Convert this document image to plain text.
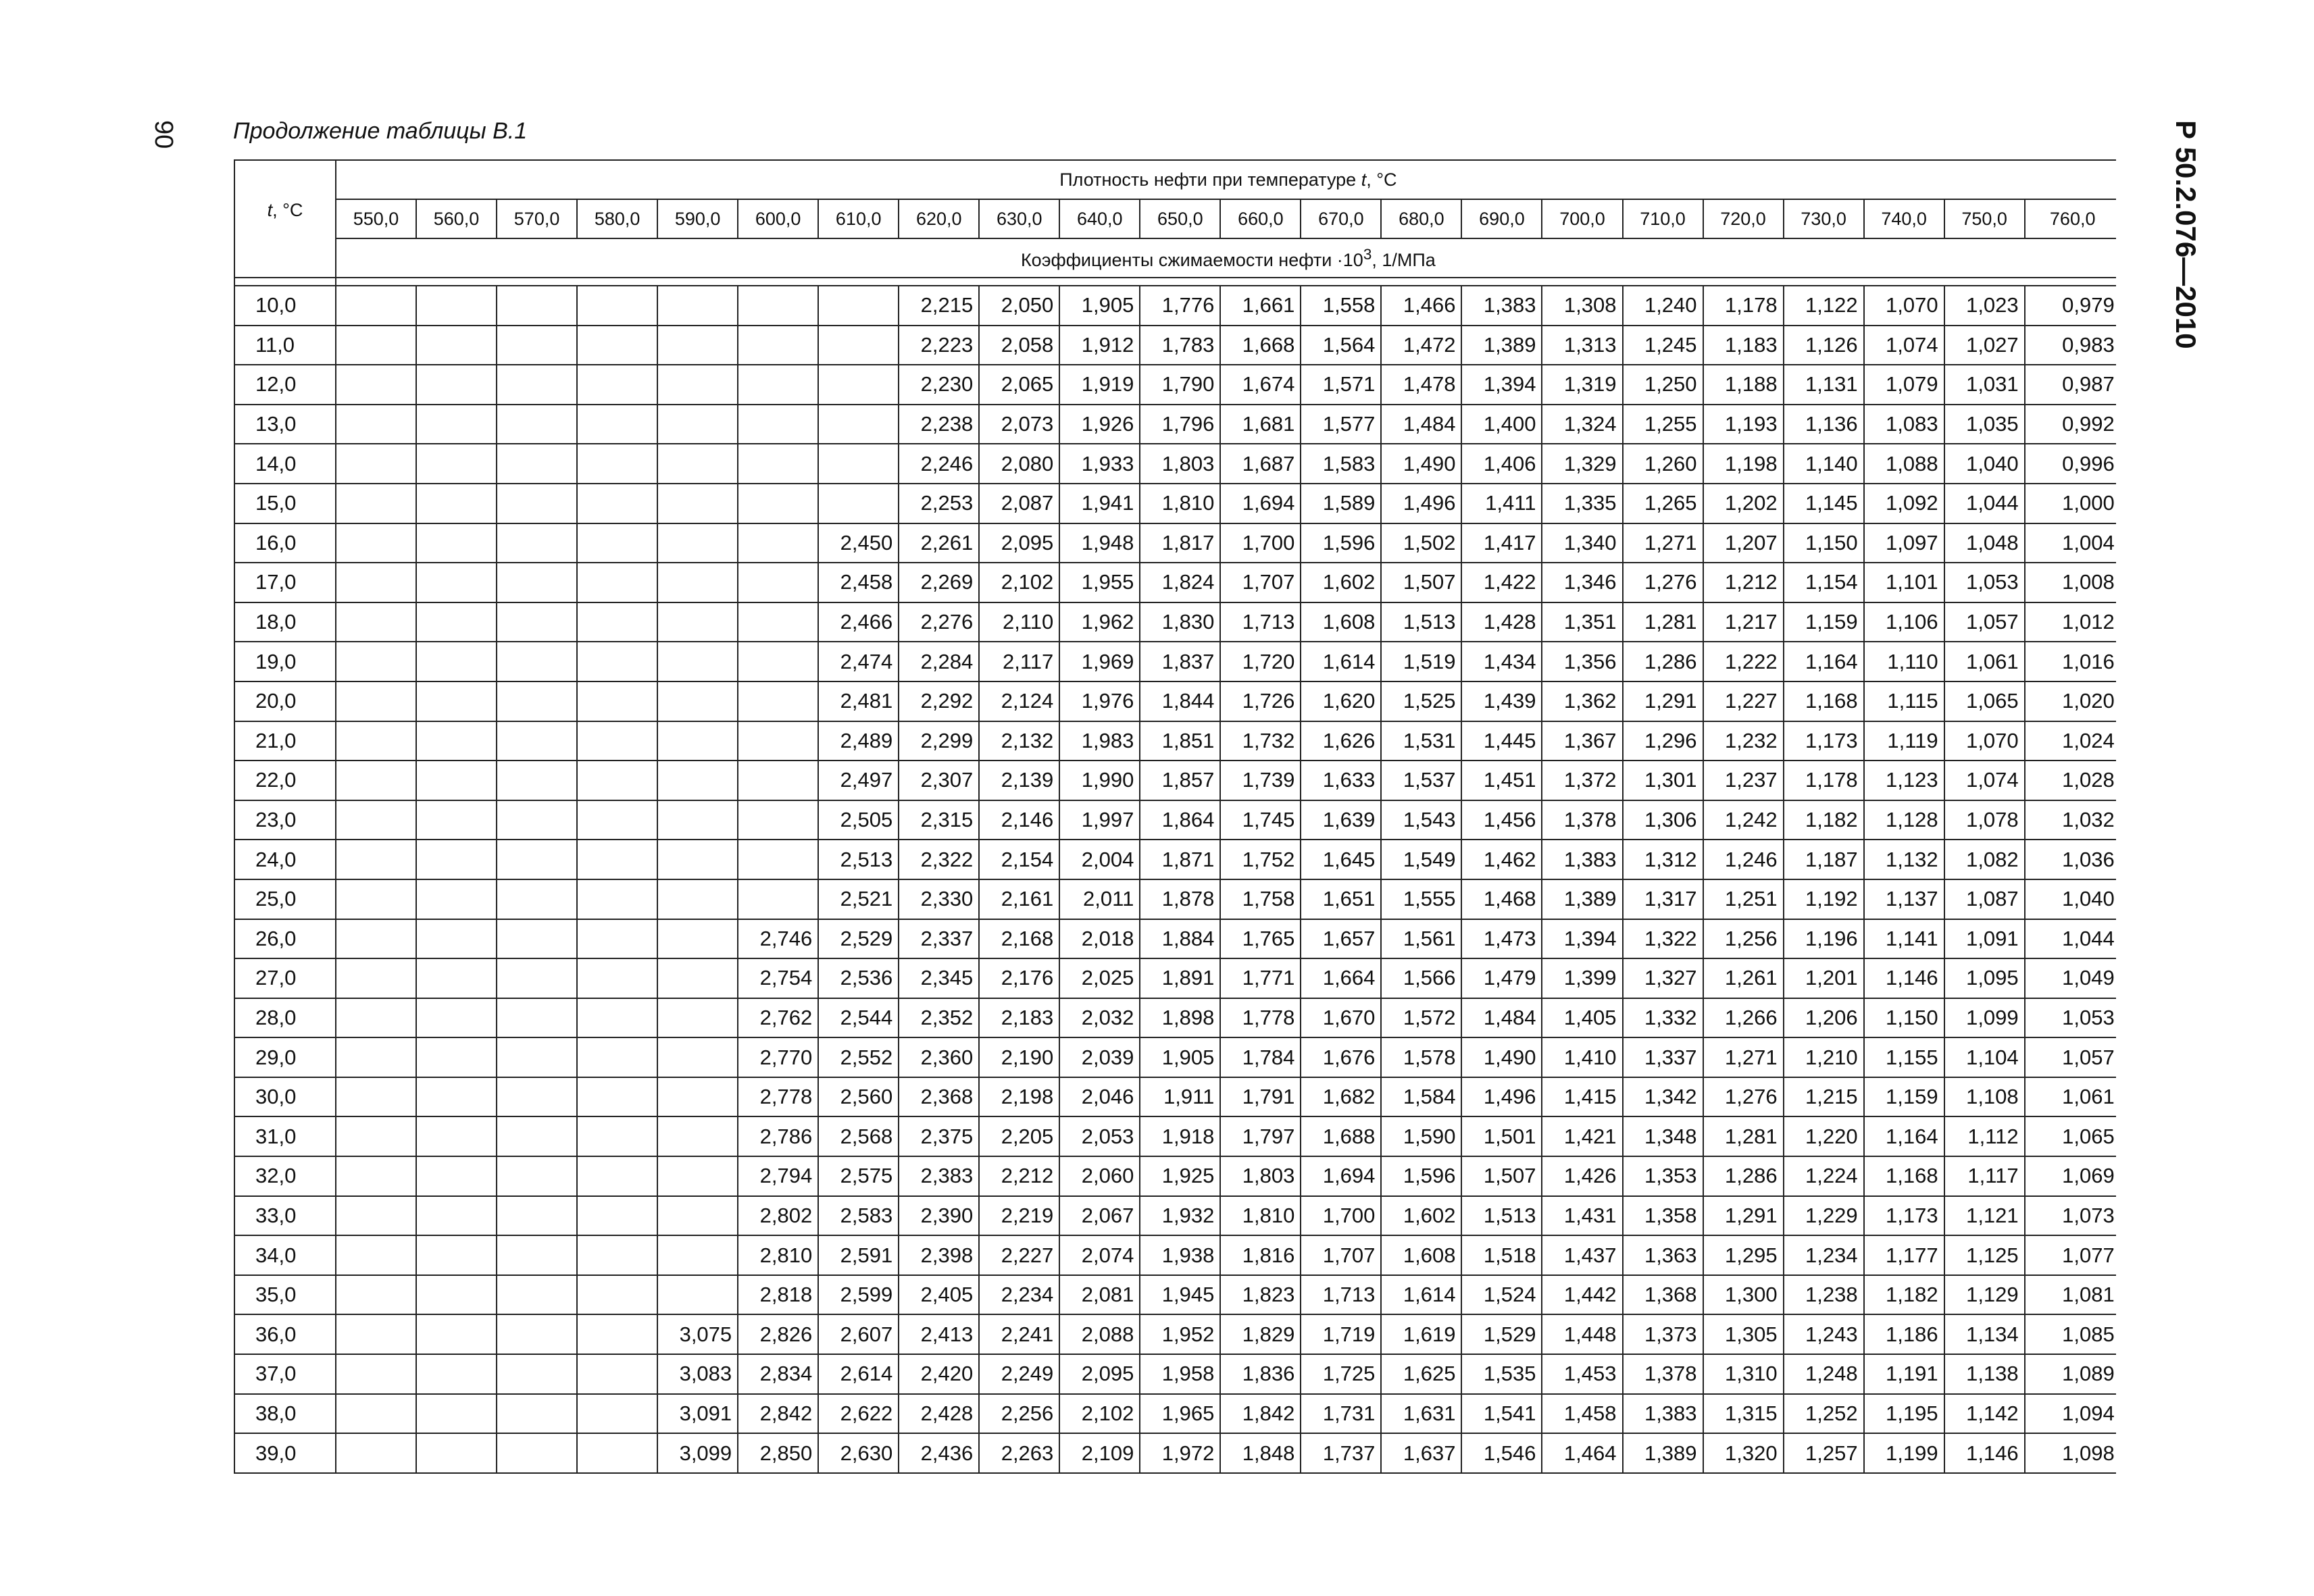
90 Продолжение таблицы В.1	Р 50.2.076—2010
t, °С	Плотность нефти при температуре t, °С																					
	550,0	560,0	570,0	580,0	590,0	600,0	610,0	620,0	630,0	640,0	650,0	660,0	670,0	680,0	690,0	700,0	710,0	720,0	730,0	740,0	750,0	760,0
	Коэффициенты сжимаемости нефти $\cdot 10^3$, 1/МПа																					

10,0								2,215	2,050	1,905	1,776	1,661	1,558	1,466	1,383	1,308	1,240	1,178	1,122	1,070	1,023	0,979
11,0								2,223	2,058	1,912	1,783	1,668	1,564	1,472	1,389	1,313	1,245	1,183	1,126	1,074	1,027	0,983
12,0								2,230	2,065	1,919	1,790	1,674	1,571	1,478	1,394	1,319	1,250	1,188	1,131	1,079	1,031	0,987
13,0								2,238	2,073	1,926	1,796	1,681	1,577	1,484	1,400	1,324	1,255	1,193	1,136	1,083	1,035	0,992
14,0								2,246	2,080	1,933	1,803	1,687	1,583	1,490	1,406	1,329	1,260	1,198	1,140	1,088	1,040	0,996
15,0								2,253	2,087	1,941	1,810	1,694	1,589	1,496	1,411	1,335	1,265	1,202	1,145	1,092	1,044	1,000
16,0							2,450	2,261	2,095	1,948	1,817	1,700	1,596	1,502	1,417	1,340	1,271	1,207	1,150	1,097	1,048	1,004
17,0							2,458	2,269	2,102	1,955	1,824	1,707	1,602	1,507	1,422	1,346	1,276	1,212	1,154	1,101	1,053	1,008
18,0							2,466	2,276	2,110	1,962	1,830	1,713	1,608	1,513	1,428	1,351	1,281	1,217	1,159	1,106	1,057	1,012
19,0							2,474	2,284	2,117	1,969	1,837	1,720	1,614	1,519	1,434	1,356	1,286	1,222	1,164	1,110	1,061	1,016
20,0							2,481	2,292	2,124	1,976	1,844	1,726	1,620	1,525	1,439	1,362	1,291	1,227	1,168	1,115	1,065	1,020
21,0							2,489	2,299	2,132	1,983	1,851	1,732	1,626	1,531	1,445	1,367	1,296	1,232	1,173	1,119	1,070	1,024
22,0							2,497	2,307	2,139	1,990	1,857	1,739	1,633	1,537	1,451	1,372	1,301	1,237	1,178	1,123	1,074	1,028
23,0							2,505	2,315	2,146	1,997	1,864	1,745	1,639	1,543	1,456	1,378	1,306	1,242	1,182	1,128	1,078	1,032
24,0							2,513	2,322	2,154	2,004	1,871	1,752	1,645	1,549	1,462	1,383	1,312	1,246	1,187	1,132	1,082	1,036
25,0							2,521	2,330	2,161	2,011	1,878	1,758	1,651	1,555	1,468	1,389	1,317	1,251	1,192	1,137	1,087	1,040
26,0						2,746	2,529	2,337	2,168	2,018	1,884	1,765	1,657	1,561	1,473	1,394	1,322	1,256	1,196	1,141	1,091	1,044
27,0						2,754	2,536	2,345	2,176	2,025	1,891	1,771	1,664	1,566	1,479	1,399	1,327	1,261	1,201	1,146	1,095	1,049
28,0						2,762	2,544	2,352	2,183	2,032	1,898	1,778	1,670	1,572	1,484	1,405	1,332	1,266	1,206	1,150	1,099	1,053
29,0						2,770	2,552	2,360	2,190	2,039	1,905	1,784	1,676	1,578	1,490	1,410	1,337	1,271	1,210	1,155	1,104	1,057
30,0						2,778	2,560	2,368	2,198	2,046	1,911	1,791	1,682	1,584	1,496	1,415	1,342	1,276	1,215	1,159	1,108	1,061
31,0						2,786	2,568	2,375	2,205	2,053	1,918	1,797	1,688	1,590	1,501	1,421	1,348	1,281	1,220	1,164	1,112	1,065
32,0						2,794	2,575	2,383	2,212	2,060	1,925	1,803	1,694	1,596	1,507	1,426	1,353	1,286	1,224	1,168	1,117	1,069
33,0						2,802	2,583	2,390	2,219	2,067	1,932	1,810	1,700	1,602	1,513	1,431	1,358	1,291	1,229	1,173	1,121	1,073
34,0						2,810	2,591	2,398	2,227	2,074	1,938	1,816	1,707	1,608	1,518	1,437	1,363	1,295	1,234	1,177	1,125	1,077
35,0						2,818	2,599	2,405	2,234	2,081	1,945	1,823	1,713	1,614	1,524	1,442	1,368	1,300	1,238	1,182	1,129	1,081
36,0					3,075	2,826	2,607	2,413	2,241	2,088	1,952	1,829	1,719	1,619	1,529	1,448	1,373	1,305	1,243	1,186	1,134	1,085
37,0					3,083	2,834	2,614	2,420	2,249	2,095	1,958	1,836	1,725	1,625	1,535	1,453	1,378	1,310	1,248	1,191	1,138	1,089
38,0					3,091	2,842	2,622	2,428	2,256	2,102	1,965	1,842	1,731	1,631	1,541	1,458	1,383	1,315	1,252	1,195	1,142	1,094
39,0					3,099	2,850	2,630	2,436	2,263	2,109	1,972	1,848	1,737	1,637	1,546	1,464	1,389	1,320	1,257	1,199	1,146	1,098
